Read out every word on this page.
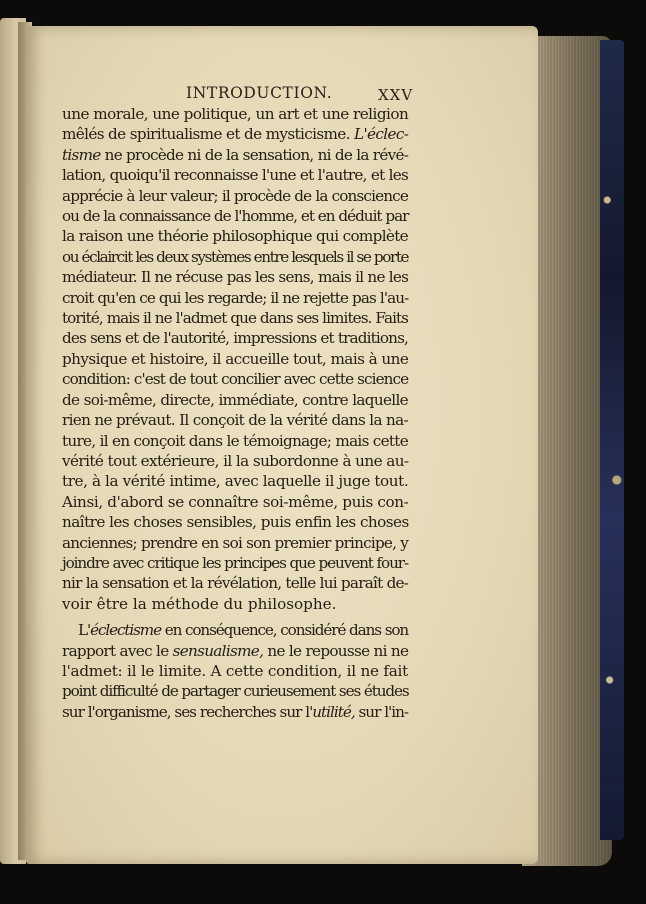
INTRODUCTION.	XXV
une morale, une politique, un art et une religion
mêlés de spiritualisme et de mysticisme. L'éclec-
tisme ne procède ni de la sensation, ni de la révé-
lation, quoiqu'il reconnaisse l'une et l'autre, et les
apprécie à leur valeur; il procède de la conscience
ou de la connaissance de l'homme, et en déduit par
la raison une théorie philosophique qui complète
ou éclaircit les deux systèmes entre lesquels il se porte
médiateur. Il ne récuse pas les sens, mais il ne les
croit qu'en ce qui les regarde; il ne rejette pas l'au-
torité, mais il ne l'admet que dans ses limites. Faits
des sens et de l'autorité, impressions et traditions,
physique et histoire, il accueille tout, mais à une
condition: c'est de tout concilier avec cette science
de soi-même, directe, immédiate, contre laquelle
rien ne prévaut. Il conçoit de la vérité dans la na-
ture, il en conçoit dans le témoignage; mais cette
vérité tout extérieure, il la subordonne à une au-
tre, à la vérité intime, avec laquelle il juge tout.
Ainsi, d'abord se connaître soi-même, puis con-
naître les choses sensibles, puis enfin les choses
anciennes; prendre en soi son premier principe, y
joindre avec critique les principes que peuvent four-
nir la sensation et la révélation, telle lui paraît de-
voir être la méthode du philosophe.
L'éclectisme en conséquence, considéré dans son
rapport avec le sensualisme, ne le repousse ni ne
l'admet: il le limite. A cette condition, il ne fait
point difficulté de partager curieusement ses études
sur l'organisme, ses recherches sur l'utilité, sur l'in-
